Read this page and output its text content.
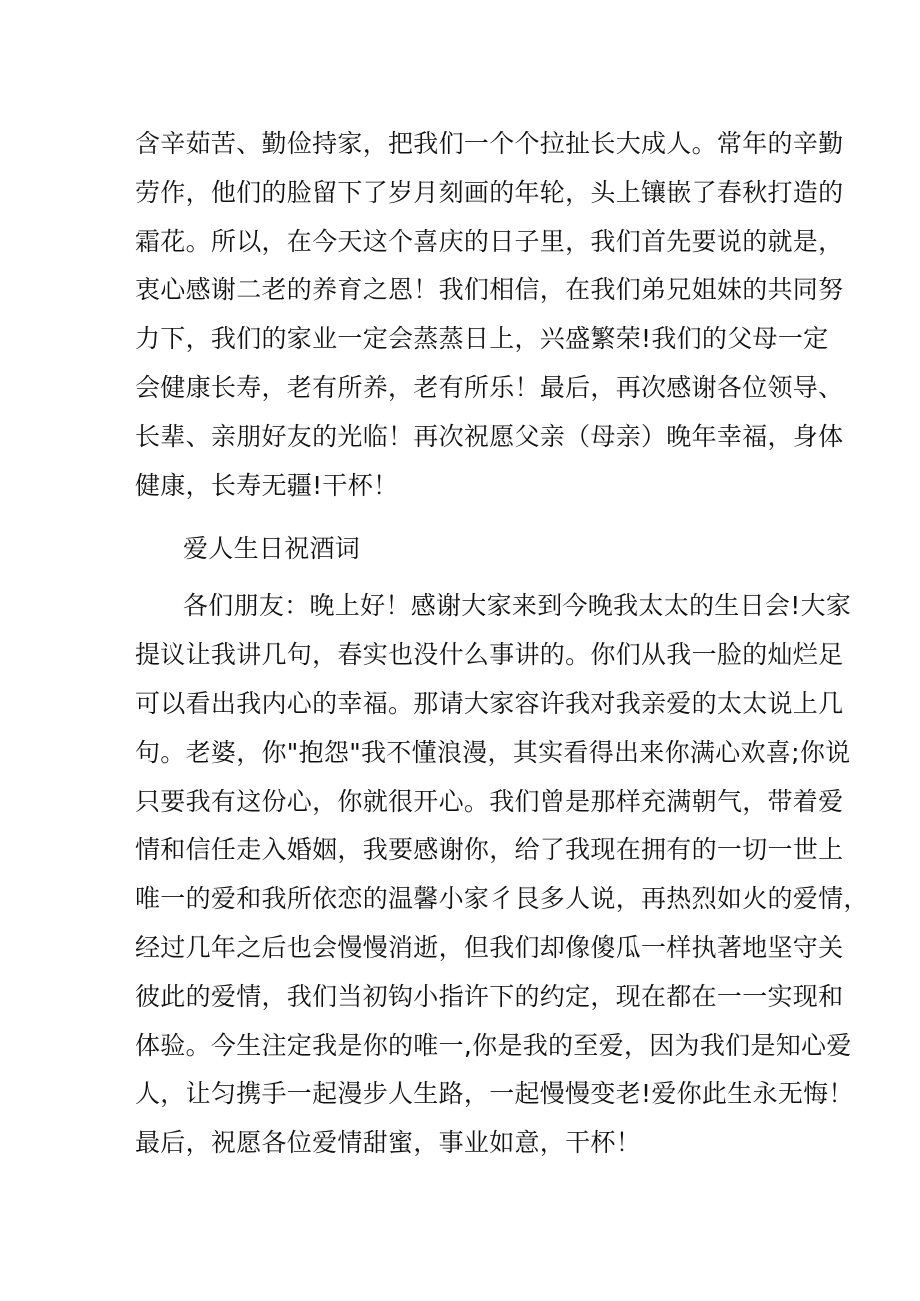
含辛茹苦、勤俭持家，把我们一个个拉扯长大成人。常年的辛勤
劳作，他们的脸留下了岁月刻画的年轮，头上镶嵌了春秋打造的
霜花。所以，在今天这个喜庆的日子里，我们首先要说的就是，
衷心感谢二老的养育之恩！我们相信，在我们弟兄姐妹的共同努
力下，我们的家业一定会蒸蒸日上，兴盛繁荣!我们的父母一定
会健康长寿，老有所养，老有所乐！最后，再次感谢各位领导、
长辈、亲朋好友的光临！再次祝愿父亲（母亲）晚年幸福，身体
健康，长寿无疆!干杯！
爱人生日祝酒词
各们朋友：晚上好！感谢大家来到今晚我太太的生日会!大家
提议让我讲几句，春实也没什么事讲的。你们从我一脸的灿烂足
可以看出我内心的幸福。那请大家容许我对我亲爱的太太说上几
句。老婆，你"抱怨"我不懂浪漫，其实看得出来你满心欢喜;你说
只要我有这份心，你就很开心。我们曾是那样充满朝气，带着爱
情和信任走入婚姻，我要感谢你，给了我现在拥有的一切一世上
唯一的爱和我所依恋的温馨小家彳艮多人说，再热烈如火的爱情，
经过几年之后也会慢慢消逝，但我们却像傻瓜一样执著地坚守关
彼此的爱情，我们当初钩小指许下的约定，现在都在一一实现和
体验。今生注定我是你的唯一,你是我的至爱，因为我们是知心爱
人，让匀携手一起漫步人生路，一起慢慢变老!爱你此生永无悔！
最后，祝愿各位爱情甜蜜，事业如意，干杯！
